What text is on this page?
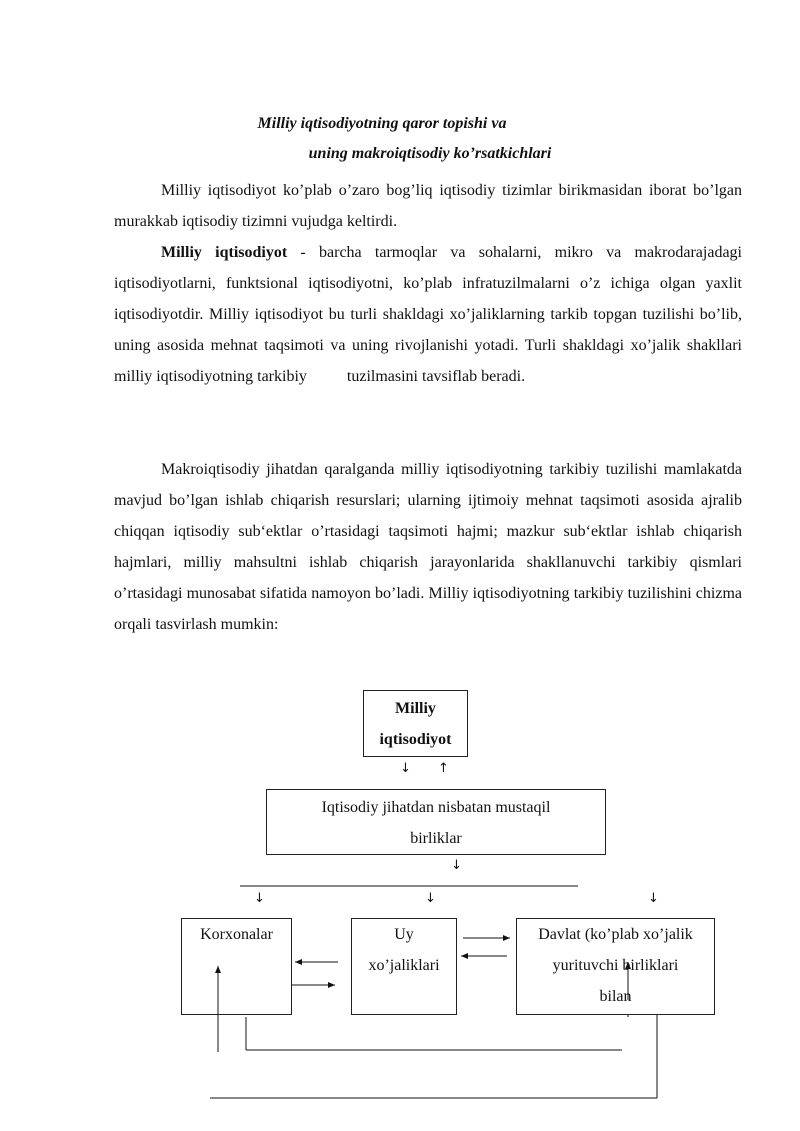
Milliy iqtisodiyotning qaror topishi va
uning makroiqtisodiy ko’rsatkichlari

Milliy iqtisodiyot ko’plab o’zaro bog’liq iqtisodiy tizimlar birikmasidan iborat bo’lgan murakkab iqtisodiy tizimni vujudga keltirdi.

Milliy iqtisodiyot - barcha tarmoqlar va sohalarni, mikro va makrodarajadagi iqtisodiyotlarni, funktsional iqtisodiyotni, ko’plab infratuzilmalarni o’z ichiga olgan yaxlit iqtisodiyotdir. Milliy iqtisodiyot bu turli shakldagi xo’jaliklarning tarkib topgan tuzilishi bo’lib, uning asosida mehnat taqsimoti va uning rivojlanishi yotadi. Turli shakldagi xo’jalik shakllari milliy iqtisodiyotning tarkibiy	tuzilmasini tavsiflab beradi.

Makroiqtisodiy jihatdan qaralganda milliy iqtisodiyotning tarkibiy tuzilishi mamlakatda mavjud bo’lgan ishlab chiqarish resurslari; ularning ijtimoiy mehnat taqsimoti asosida ajralib chiqqan iqtisodiy sub‘ektlar o’rtasidagi taqsimoti hajmi; mazkur sub‘ektlar ishlab chiqarish hajmlari, milliy mahsultni ishlab chiqarish jarayonlarida shakllanuvchi tarkibiy qismlari o’rtasidagi munosabat sifatida namoyon bo’ladi. Milliy iqtisodiyotning tarkibiy tuzilishini chizma orqali tasvirlash mumkin:

Milliy
iqtisodiyot
↓ ↑
Iqtisodiy jihatdan nisbatan mustaqil
birliklar
↓
↓	↓	↓
Korxonalar	Uy
xo’jaliklari
Davlat (ko’plab xo’jalik
yurituvchi birliklari
bilan
